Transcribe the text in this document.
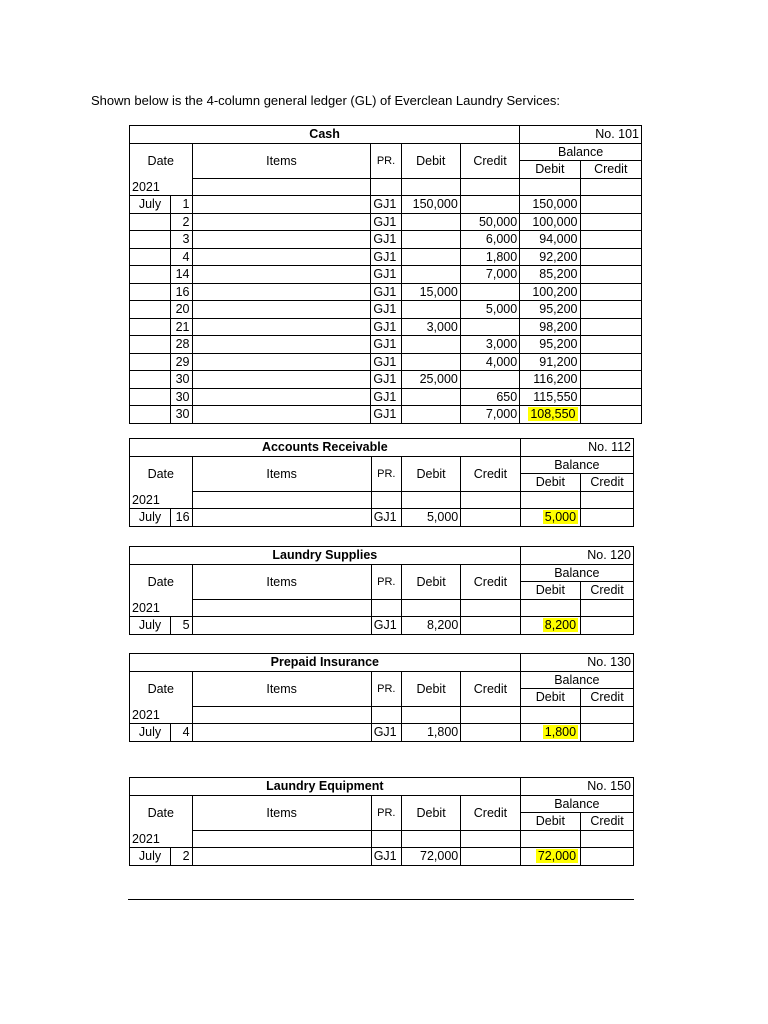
Shown below is the 4-column general ledger (GL) of Everclean Laundry Services:
Cash						No. 101	
Date		Items	PR.	Debit	Credit	Balance	
						Debit	Credit
2021							
July	1		GJ1	150,000		150,000	
	2		GJ1		50,000	100,000	
	3		GJ1		6,000	94,000	
	4		GJ1		1,800	92,200	
	14		GJ1		7,000	85,200	
	16		GJ1	15,000		100,200	
	20		GJ1		5,000	95,200	
	21		GJ1	3,000		98,200	
	28		GJ1		3,000	95,200	
	29		GJ1		4,000	91,200	
	30		GJ1	25,000		116,200	
	30		GJ1		650	115,550	
	30		GJ1		7,000	108,550	
Accounts Receivable						No. 112	
Date		Items	PR.	Debit	Credit	Balance	
						Debit	Credit
2021							
July	16		GJ1	5,000		5,000	
Laundry Supplies						No. 120	
Date		Items	PR.	Debit	Credit	Balance	
						Debit	Credit
2021							
July	5		GJ1	8,200		8,200	
Prepaid Insurance						No. 130	
Date		Items	PR.	Debit	Credit	Balance	
						Debit	Credit
2021							
July	4		GJ1	1,800		1,800	
Laundry Equipment						No. 150	
Date		Items	PR.	Debit	Credit	Balance	
						Debit	Credit
2021							
July	2		GJ1	72,000		72,000	
